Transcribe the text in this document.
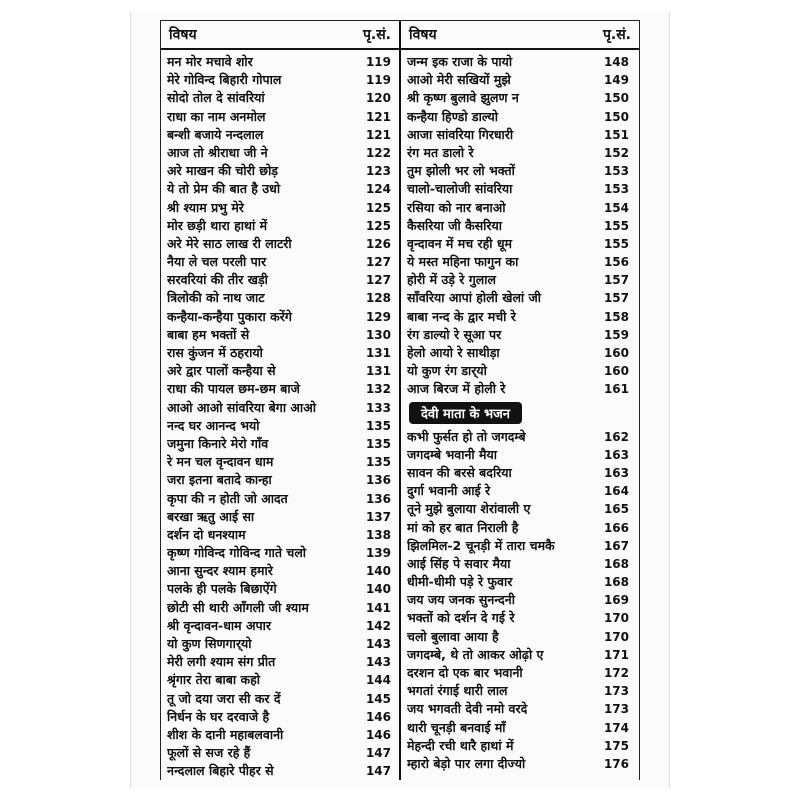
विषय	पृ.सं.
मन मोर मचावे शोर	119
मेरे गोविन्द बिहारी गोपाल	119
सोदो तोल दे सांवरियां	120
राधा का नाम अनमोल	121
बन्शी बजाये नन्दलाल	121
आज तो श्रीराधा जी ने	122
अरे माखन की चोरी छोड़	123
ये तो प्रेम की बात है उधो	124
श्री श्याम प्रभु मेरे	125
मोर छड़ी थारा हाथां में	125
अरे मेरे साठ लाख री लाटरी	126
नैया ले चल परली पार	127
सरवरियां की तीर खड़ी	127
त्रिलोकी को नाथ जाट	128
कन्हैया-कन्हैया पुकारा करेंगे	129
बाबा हम भक्तों से	130
रास कुंजन में ठहरायो	131
अरे द्वार पालों कन्हैया से	131
राधा की पायल छम-छम बाजे	132
आओ आओ सांवरिया बेगा आओ	133
नन्द घर आनन्द भयो	135
जमुना किनारे मेरो गाँव	135
रे मन चल वृन्दावन धाम	135
जरा इतना बतादे कान्हा	136
कृपा की न होती जो आदत	136
बरखा ऋतु आई सा	137
दर्शन दो धनश्याम	138
कृष्ण गोविन्द गोविन्द गाते चलो	139
आना सुन्दर श्याम हमारे	140
पलके ही पलके बिछाऐंगे	140
छोटी सी थारी आँगली जी श्याम	141
श्री वृन्दावन-धाम अपार	142
यो कुण सिणगार्‌यो	143
मेरी लगी श्याम संग प्रीत	143
श्रृंगार तेरा बाबा कहो	144
तू जो दया जरा सी कर दें	145
निर्धन के घर दरवाजे है	146
शीश के दानी महाबलवानी	146
फूलों से सज रहे हैं	147
नन्दलाल बिहारे पीहर से	147
विषय	पृ.सं.
जन्म इक राजा के पायो	148
आओ मेरी सखियों मुझे	149
श्री कृष्ण बुलावे झुलण न	150
कन्हैया हिण्डो डाल्यो	150
आजा सांवरिया गिरधारी	151
रंग मत डालो रे	152
तुम झोली भर लो भक्तों	153
चालो-चालोजी सांवरिया	153
रसिया को नार बनाओ	154
कैसरिया जी कैसरिया	155
वृन्दावन में मच रही धूम	155
ये मस्त महिना फागुन का	156
होरी में उड़े रे गुलाल	157
साँवरिया आपां होली खेलां जी	157
बाबा नन्द के द्वार मची रे	158
रंग डाल्यो रे सूआ पर	159
हेलो आयो रे साथीड़ा	160
यो कुण रंग डार्‌यो	160
आज बिरज में होली रे	161
देवी माता के भजन
कभी फुर्सत हो तो जगदम्बे	162
जगदम्बे भवानी मैया	163
सावन की बरसे बदरिया	163
दुर्गा भवानी आई रे	164
तूने मुझे बुलाया शेरांवाली ए	165
मां को हर बात निराली है	166
झिलमिल-2 चूनड़ी में तारा चमकै	167
आई सिंह पे सवार मैया	168
धीमी-धीमी पड़े रे फुवार	168
जय जय जनक सुनन्दनी	169
भक्तों को दर्शन दे गई रे	170
चलो बुलावा आया है	170
जगदम्बे, थे तो आकर ओढ़ो ए	171
दरशन दो एक बार भवानी	172
भगतां रंगाई थारी लाल	173
जय भगवती देवी नमो वरदे	173
थारी चूनड़ी बनवाई माँ	174
मेहन्दी रची थारै हाथां में	175
म्हारो बेड़ो पार लगा दीज्यो	176
